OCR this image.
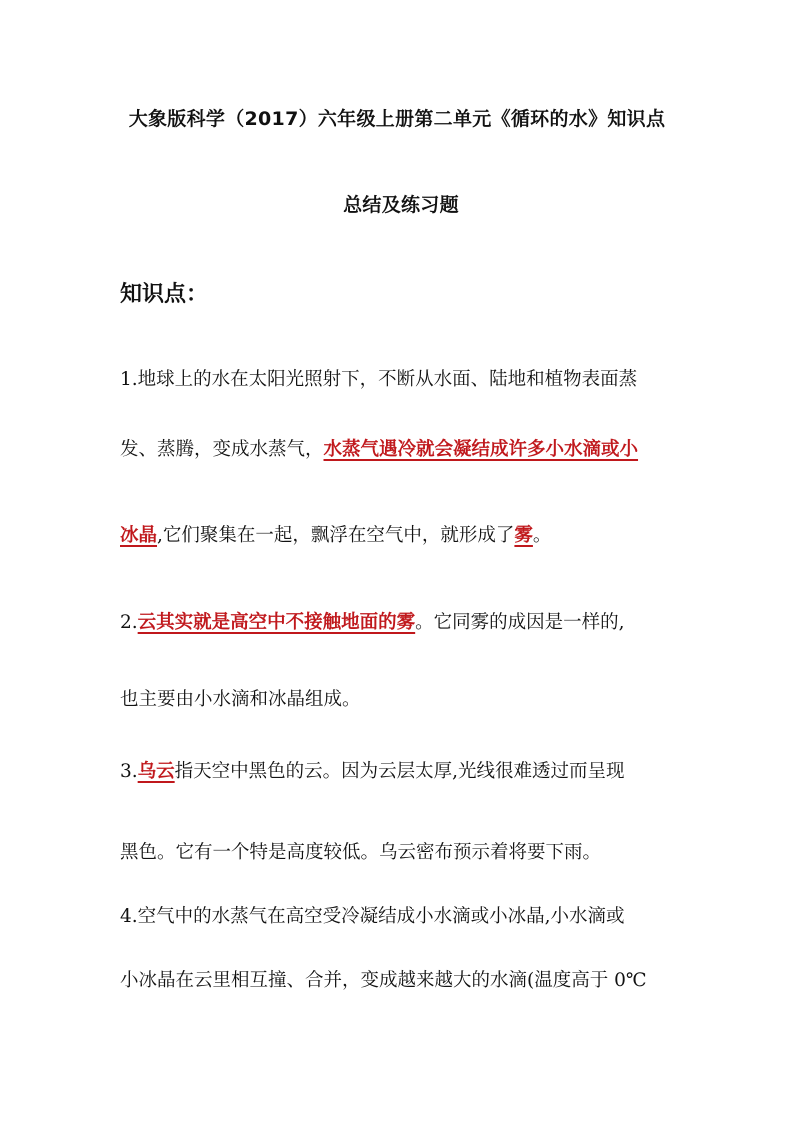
大象版科学（2017）六年级上册第二单元《循环的水》知识点
总结及练习题
知识点：
1.地球上的水在太阳光照射下，不断从水面、陆地和植物表面蒸
发、蒸腾，变成水蒸气，水蒸气遇冷就会凝结成许多小水滴或小
冰晶,它们聚集在一起，飘浮在空气中，就形成了雾。
2.云其实就是高空中不接触地面的雾。它同雾的成因是一样的,
也主要由小水滴和冰晶组成。
3.乌云指天空中黑色的云。因为云层太厚,光线很难透过而呈现
黑色。它有一个特是高度较低。乌云密布预示着将要下雨。
4.空气中的水蒸气在高空受冷凝结成小水滴或小冰晶,小水滴或
小冰晶在云里相互撞、合并，变成越来越大的水滴(温度高于 0℃
